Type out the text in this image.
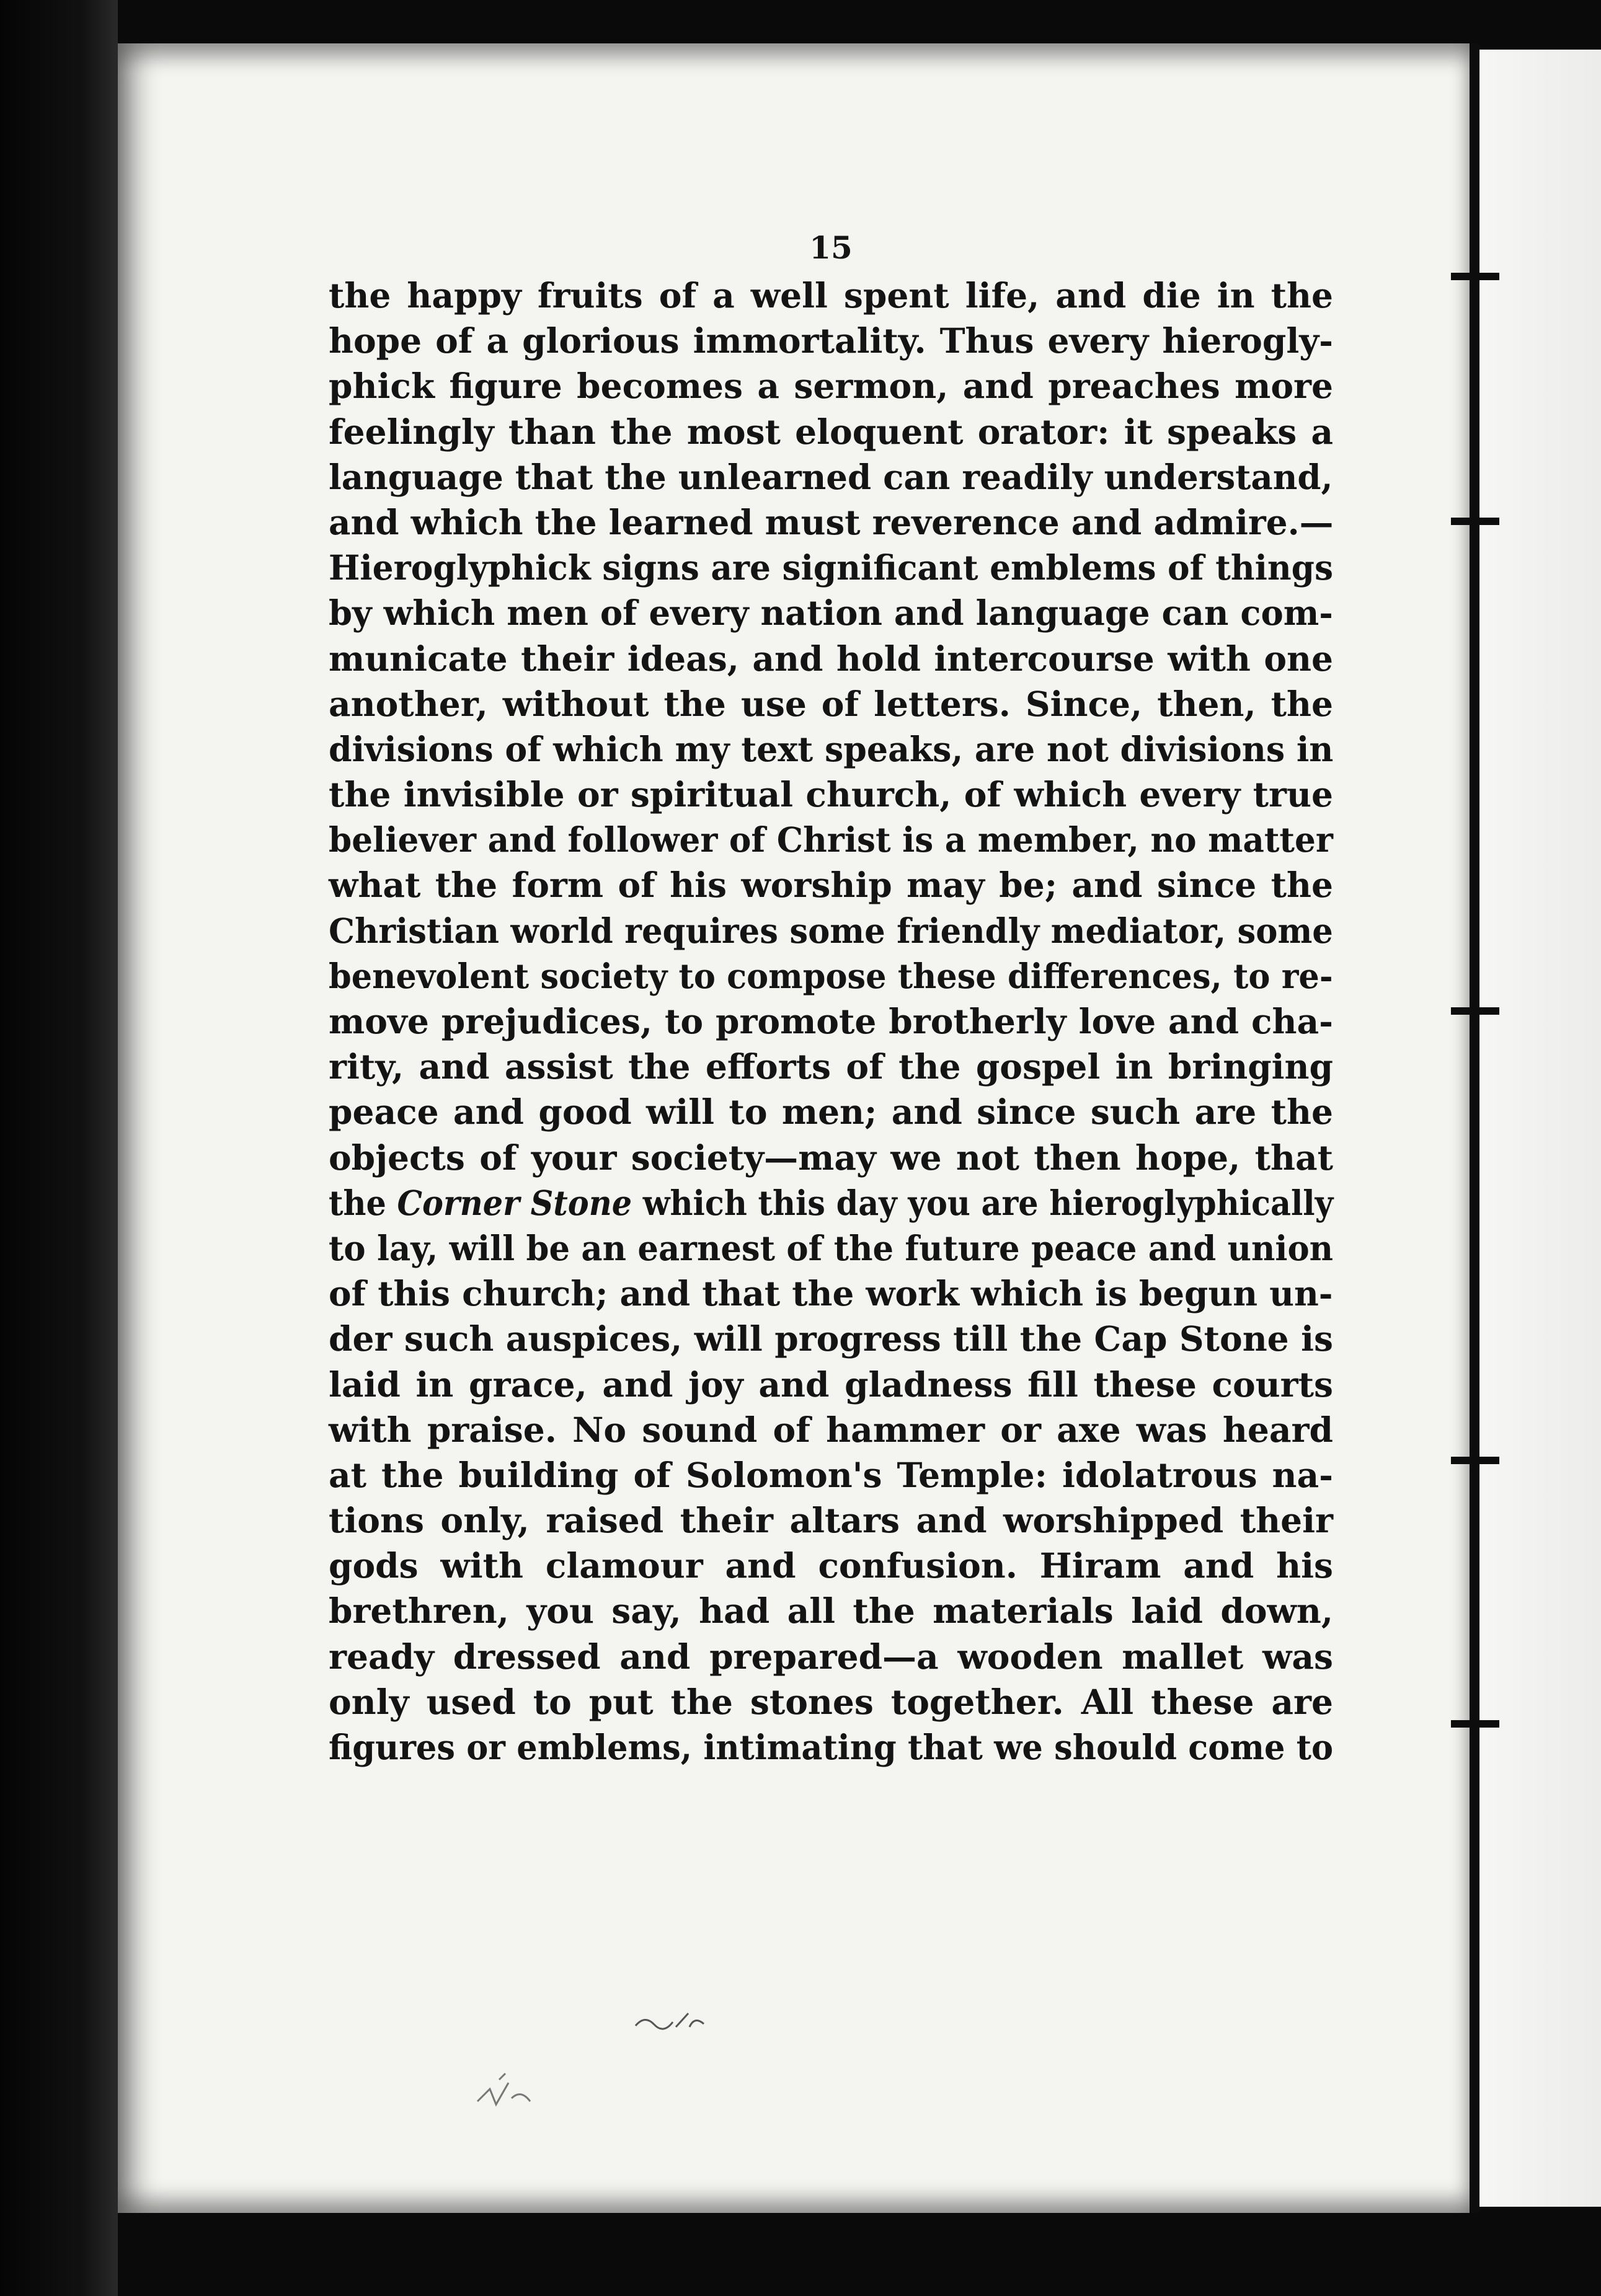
15
the happy fruits of a well spent life, and die in the
hope of a glorious immortality. Thus every hierogly-
phick figure becomes a sermon, and preaches more
feelingly than the most eloquent orator: it speaks a
language that the unlearned can readily understand,
and which the learned must reverence and admire.—
Hieroglyphick signs are significant emblems of things
by which men of every nation and language can com-
municate their ideas, and hold intercourse with one
another, without the use of letters. Since, then, the
divisions of which my text speaks, are not divisions in
the invisible or spiritual church, of which every true
believer and follower of Christ is a member, no matter
what the form of his worship may be; and since the
Christian world requires some friendly mediator, some
benevolent society to compose these differences, to re-
move prejudices, to promote brotherly love and cha-
rity, and assist the efforts of the gospel in bringing
peace and good will to men; and since such are the
objects of your society—may we not then hope, that
the Corner Stone which this day you are hieroglyphically
to lay, will be an earnest of the future peace and union
of this church; and that the work which is begun un-
der such auspices, will progress till the Cap Stone is
laid in grace, and joy and gladness fill these courts
with praise. No sound of hammer or axe was heard
at the building of Solomon's Temple: idolatrous na-
tions only, raised their altars and worshipped their
gods with clamour and confusion. Hiram and his
brethren, you say, had all the materials laid down,
ready dressed and prepared—a wooden mallet was
only used to put the stones together. All these are
figures or emblems, intimating that we should come to
